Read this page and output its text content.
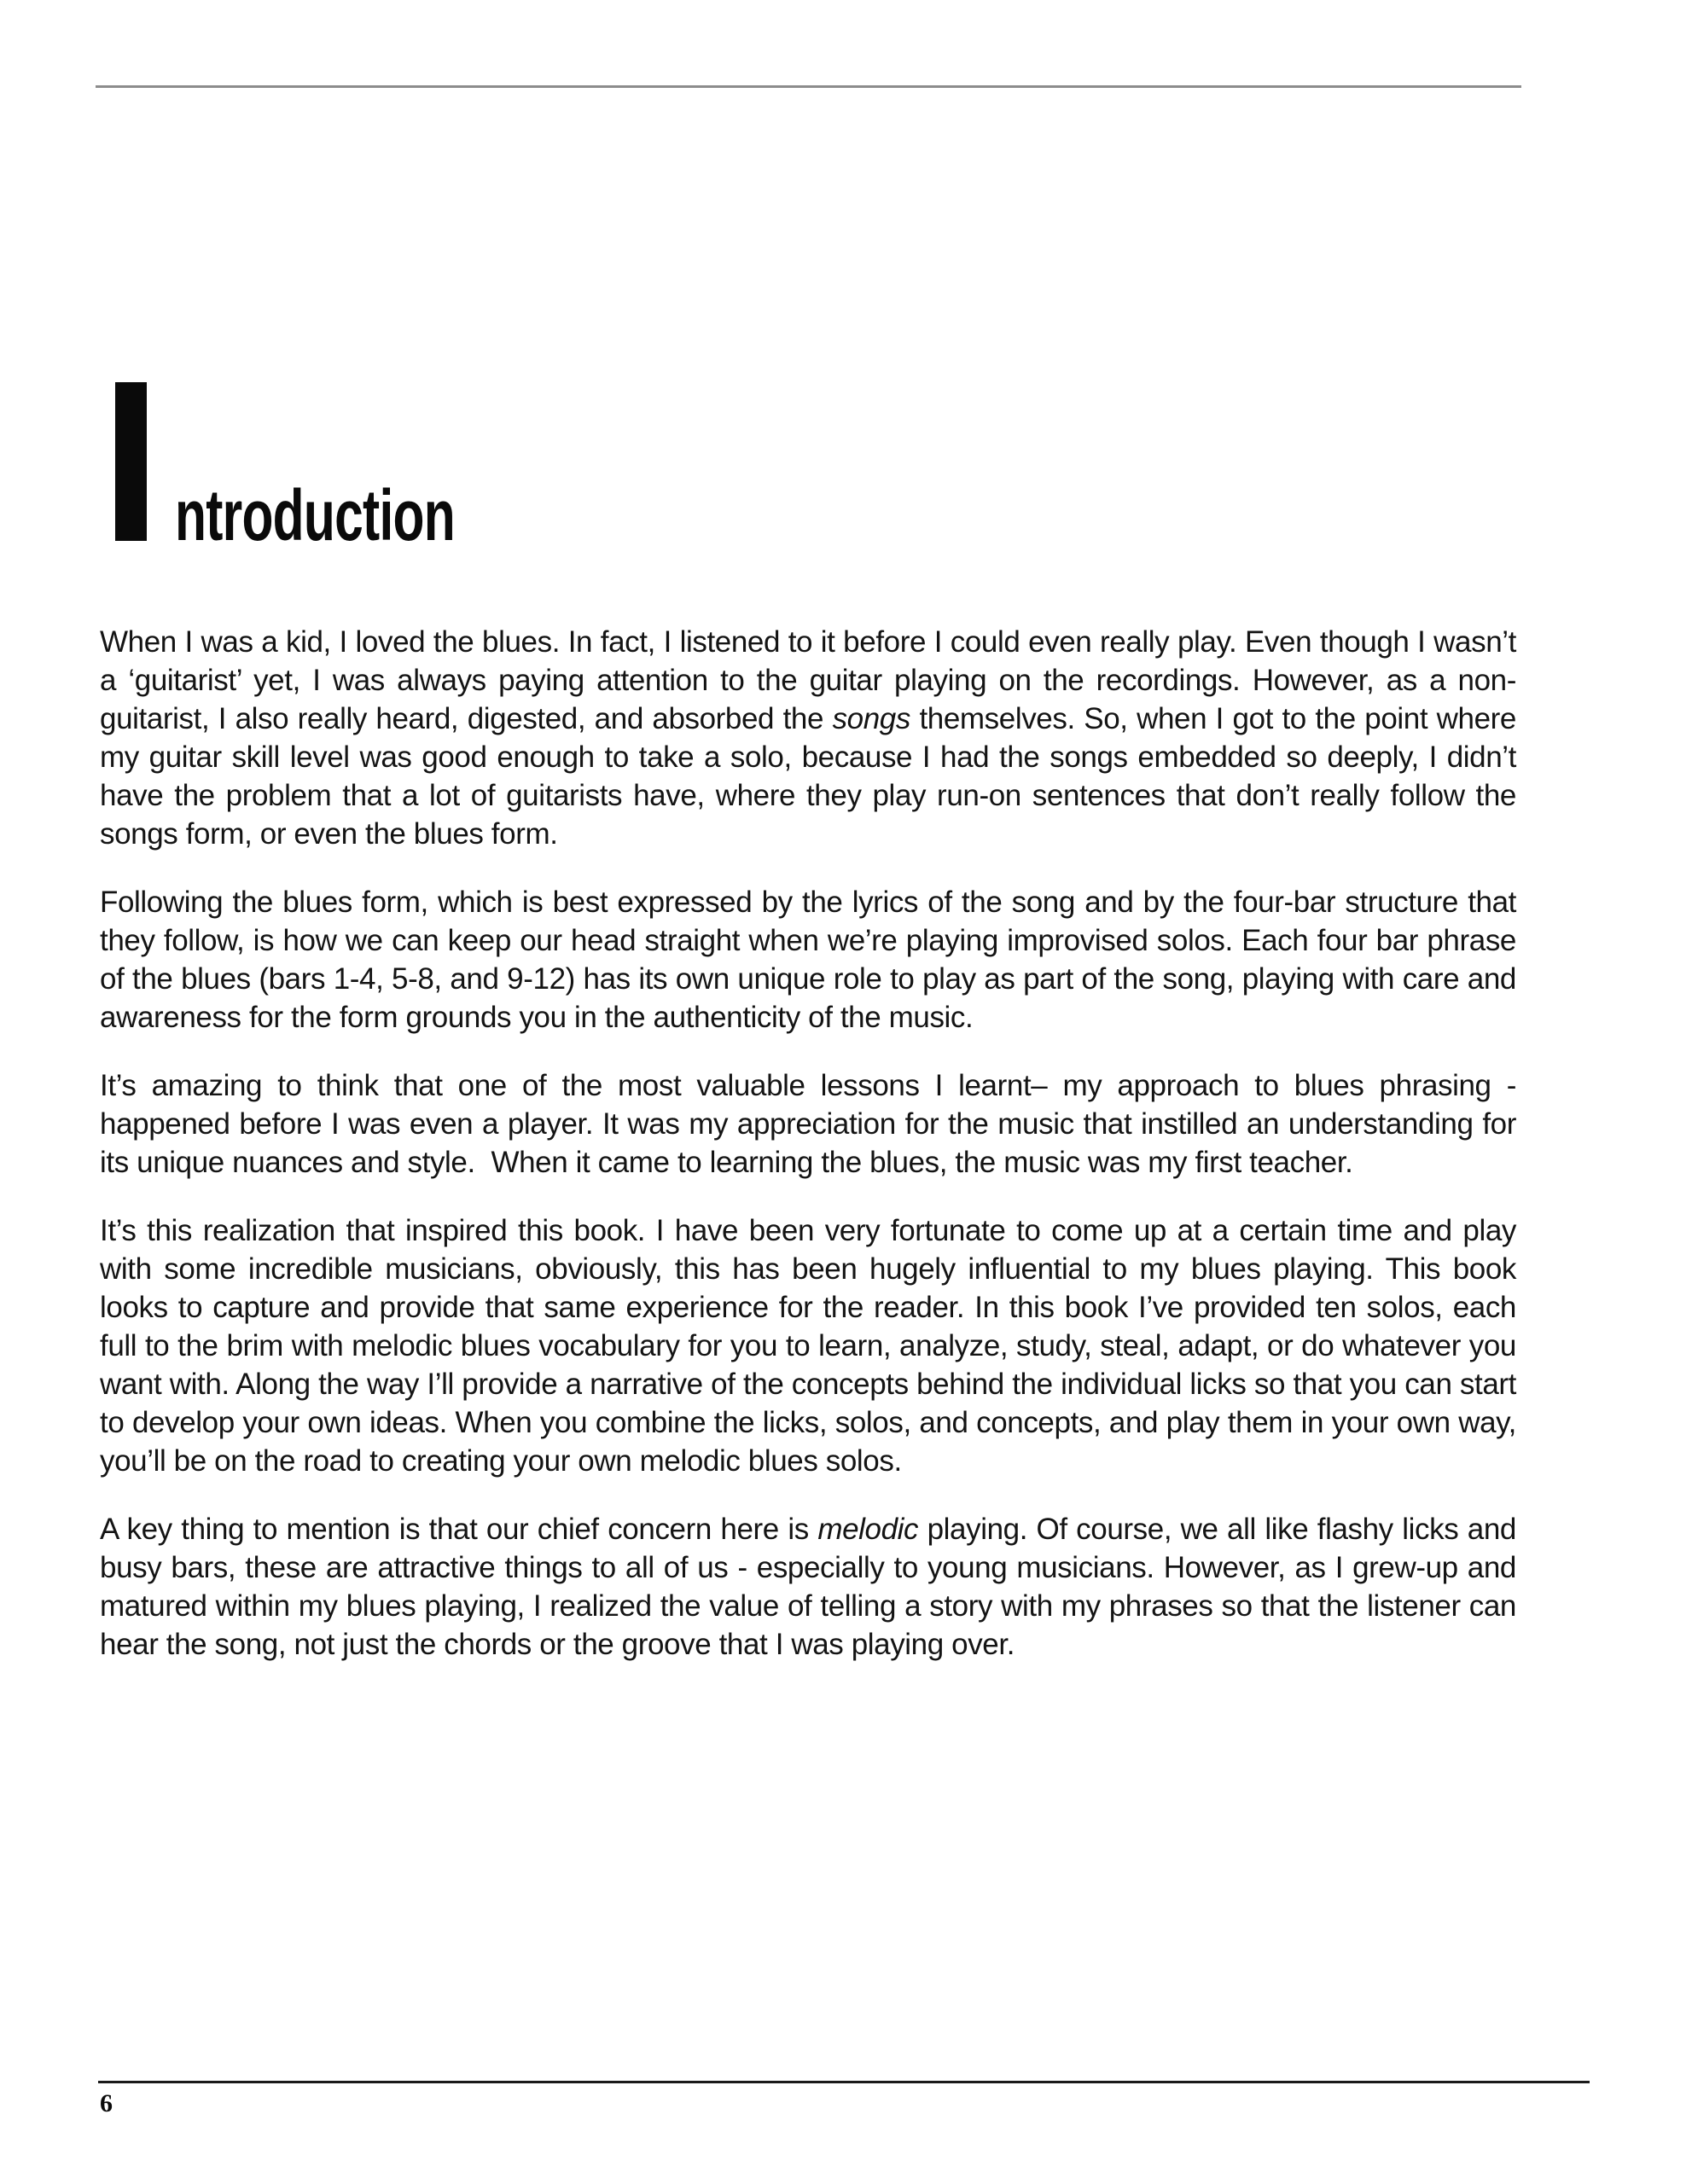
ntroduction

When I was a kid, I loved the blues. In fact, I listened to it before I could even really play. Even though I wasn’t a ‘guitarist’ yet, I was always paying attention to the guitar playing on the recordings. However, as a non-guitarist, I also really heard, digested, and absorbed the songs themselves. So, when I got to the point where my guitar skill level was good enough to take a solo, because I had the songs embedded so deeply, I didn’t have the problem that a lot of guitarists have, where they play run-on sentences that don’t really follow the songs form, or even the blues form.

Following the blues form, which is best expressed by the lyrics of the song and by the four-bar structure that they follow, is how we can keep our head straight when we’re playing improvised solos. Each four bar phrase of the blues (bars 1-4, 5-8, and 9-12) has its own unique role to play as part of the song, playing with care and awareness for the form grounds you in the authenticity of the music.

It’s amazing to think that one of the most valuable lessons I learnt– my approach to blues phrasing - happened before I was even a player. It was my appreciation for the music that instilled an understanding for its unique nuances and style.  When it came to learning the blues, the music was my first teacher.

It’s this realization that inspired this book. I have been very fortunate to come up at a certain time and play with some incredible musicians, obviously, this has been hugely influential to my blues playing. This book looks to capture and provide that same experience for the reader. In this book I’ve provided ten solos, each full to the brim with melodic blues vocabulary for you to learn, analyze, study, steal, adapt, or do whatever you want with. Along the way I’ll provide a narrative of the concepts behind the individual licks so that you can start to develop your own ideas. When you combine the licks, solos, and concepts, and play them in your own way, you’ll be on the road to creating your own melodic blues solos.

A key thing to mention is that our chief concern here is melodic playing. Of course, we all like flashy licks and busy bars, these are attractive things to all of us - especially to young musicians. However, as I grew-up and matured within my blues playing, I realized the value of telling a story with my phrases so that the listener can hear the song, not just the chords or the groove that I was playing over.

6
